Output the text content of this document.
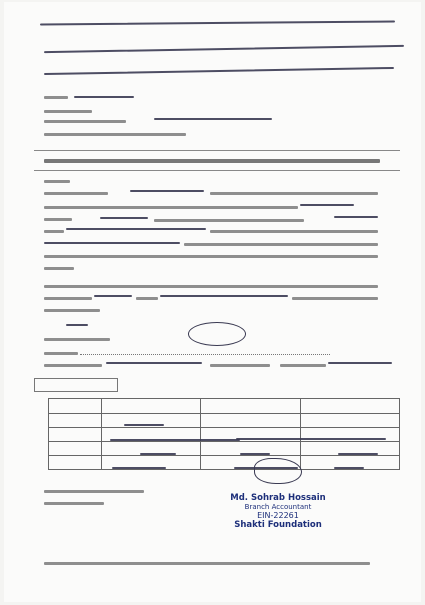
Md. Sohrab Hossain
Branch Accountant
EIN-22261
Shakti Foundation
